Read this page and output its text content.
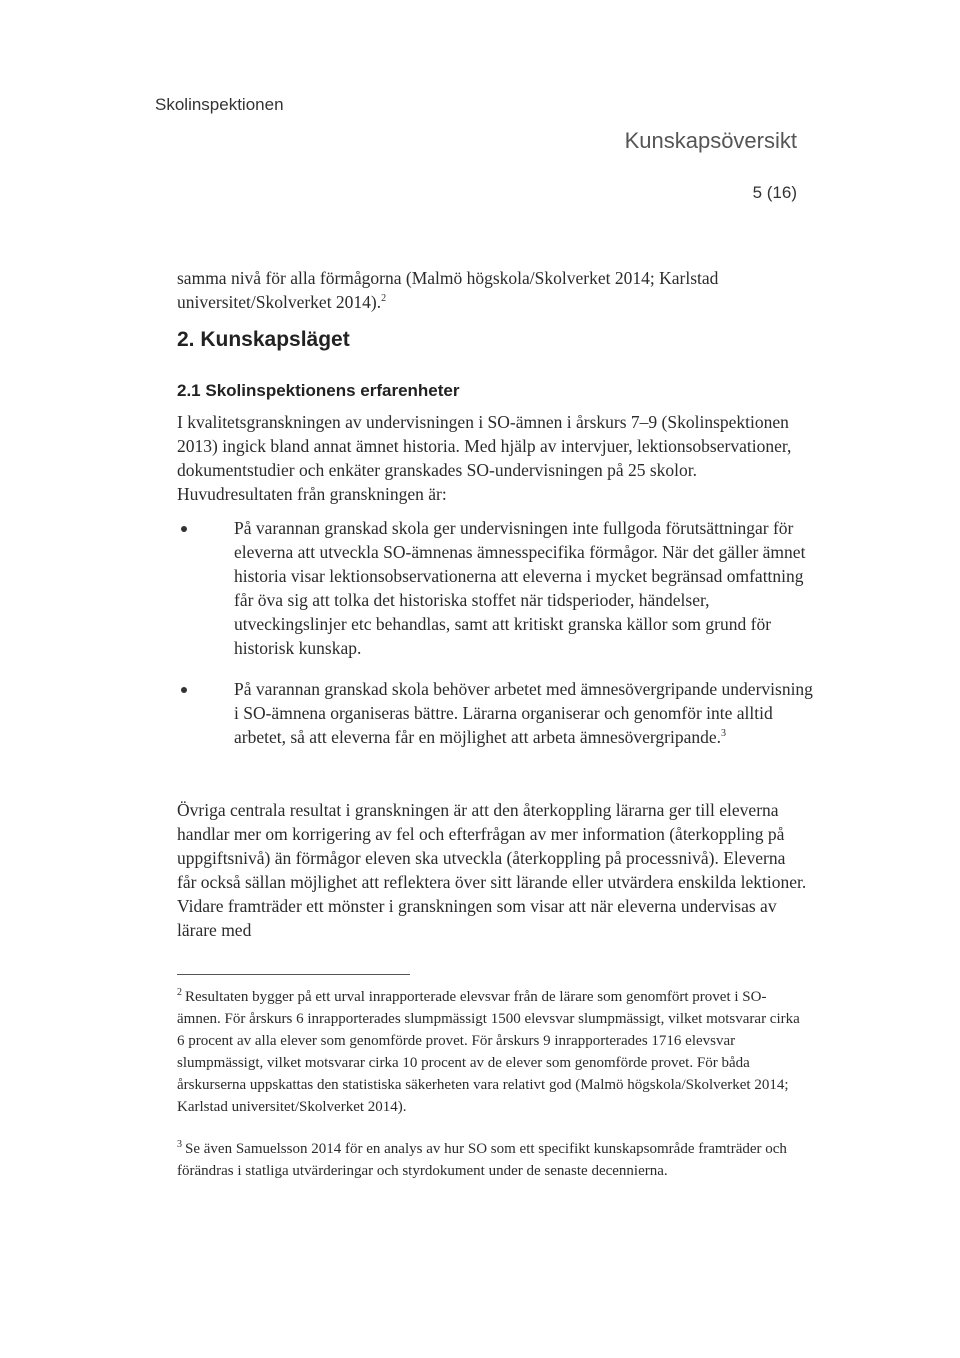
Skolinspektionen
Kunskapsöversikt
5 (16)

samma nivå för alla förmågorna (Malmö högskola/Skolverket 2014; Karlstad universitet/Skolverket 2014).$^2$

2. Kunskapsläget
2.1 Skolinspektionens erfarenheter

I kvalitetsgranskningen av undervisningen i SO-ämnen i årskurs 7–9 (Skolinspektionen 2013) ingick bland annat ämnet historia. Med hjälp av intervjuer, lektionsobservationer, dokumentstudier och enkäter granskades SO-undervisningen på 25 skolor. Huvudresultaten från granskningen är:

På varannan granskad skola ger undervisningen inte fullgoda förutsättningar för eleverna att utveckla SO-ämnenas ämnesspecifika förmågor. När det gäller ämnet historia visar lektionsobservationerna att eleverna i mycket begränsad omfattning får öva sig att tolka det historiska stoffet när tidsperioder, händelser, utveckingslinjer etc behandlas, samt att kritiskt granska källor som grund för historisk kunskap.
På varannan granskad skola behöver arbetet med ämnesövergripande undervisning i SO-ämnena organiseras bättre. Lärarna organiserar och genomför inte alltid arbetet, så att eleverna får en möjlighet att arbeta ämnesövergripande.$^3$

Övriga centrala resultat i granskningen är att den återkoppling lärarna ger till eleverna handlar mer om korrigering av fel och efterfrågan av mer information (återkoppling på uppgiftsnivå) än förmågor eleven ska utveckla (återkoppling på processnivå). Eleverna får också sällan möjlighet att reflektera över sitt lärande eller utvärdera enskilda lektioner. Vidare framträder ett mönster i granskningen som visar att när eleverna undervisas av lärare med

$^2$ Resultaten bygger på ett urval inrapporterade elevsvar från de lärare som genomfört provet i SO-ämnen. För årskurs 6 inrapporterades slumpmässigt 1500 elevsvar slumpmässigt, vilket motsvarar cirka 6 procent av alla elever som genomförde provet. För årskurs 9 inrapporterades 1716 elevsvar slumpmässigt, vilket motsvarar cirka 10 procent av de elever som genomförde provet. För båda årskurserna uppskattas den statistiska säkerheten vara relativt god (Malmö högskola/Skolverket 2014; Karlstad universitet/Skolverket 2014).

$^3$ Se även Samuelsson 2014 för en analys av hur SO som ett specifikt kunskapsområde framträder och förändras i statliga utvärderingar och styrdokument under de senaste decennierna.
